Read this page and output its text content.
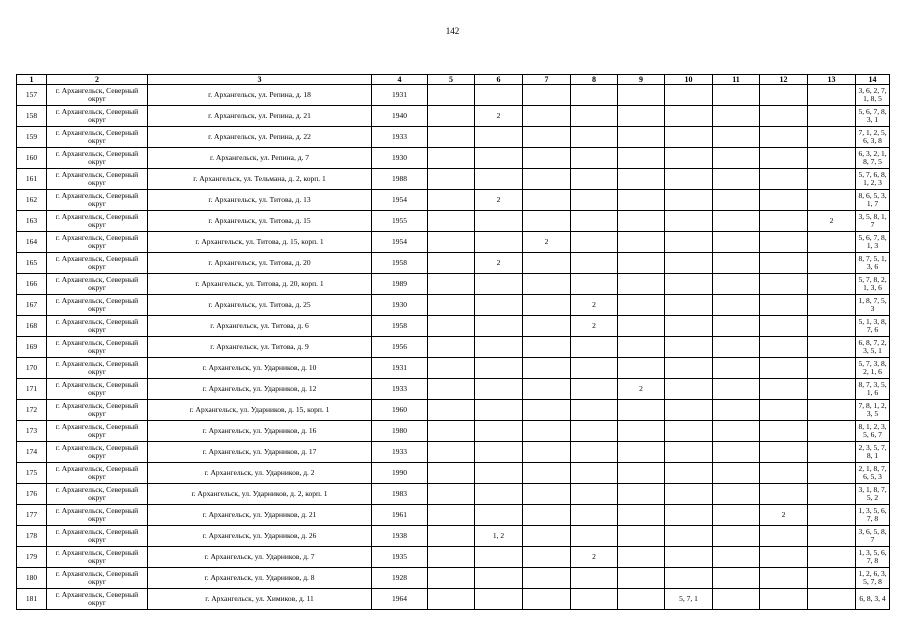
142
1	2	3	4	5	6	7	8	9	10	11	12	13	14
157	г. Архангельск, Северный округ	г. Архангельск, ул. Репина, д. 18	1931										3, 6, 2, 7, 1, 8, 5
158	г. Архангельск, Северный округ	г. Архангельск, ул. Репина, д. 21	1940		2								5, 6, 7, 8, 3, 1
159	г. Архангельск, Северный округ	г. Архангельск, ул. Репина, д. 22	1933										7, 1, 2, 5, 6, 3, 8
160	г. Архангельск, Северный округ	г. Архангельск, ул. Репина, д. 7	1930										6, 3, 2, 1, 8, 7, 5
161	г. Архангельск, Северный округ	г. Архангельск, ул. Тельмана, д. 2, корп. 1	1988										5, 7, 6, 8, 1, 2, 3
162	г. Архангельск, Северный округ	г. Архангельск, ул. Титова, д. 13	1954		2								8, 6, 5, 3, 1, 7
163	г. Архангельск, Северный округ	г. Архангельск, ул. Титова, д. 15	1955									2	3, 5, 8, 1, 7
164	г. Архангельск, Северный округ	г. Архангельск, ул. Титова, д. 15, корп. 1	1954			2							5, 6, 7, 8, 1, 3
165	г. Архангельск, Северный округ	г. Архангельск, ул. Титова, д. 20	1958		2								8, 7, 5, 1, 3, 6
166	г. Архангельск, Северный округ	г. Архангельск, ул. Титова, д. 20, корп. 1	1989										5, 7, 8, 2, 1, 3, 6
167	г. Архангельск, Северный округ	г. Архангельск, ул. Титова, д. 25	1930				2						1, 8, 7, 5, 3
168	г. Архангельск, Северный округ	г. Архангельск, ул. Титова, д. 6	1958				2						5, 1, 3, 8, 7, 6
169	г. Архангельск, Северный округ	г. Архангельск, ул. Титова, д. 9	1956										6, 8, 7, 2, 3, 5, 1
170	г. Архангельск, Северный округ	г. Архангельск, ул. Ударников, д. 10	1931										5, 7, 3, 8, 2, 1, 6
171	г. Архангельск, Северный округ	г. Архангельск, ул. Ударников, д. 12	1933					2					8, 7, 3, 5, 1, 6
172	г. Архангельск, Северный округ	г. Архангельск, ул. Ударников, д. 15, корп. 1	1960										7, 8, 1, 2, 3, 5
173	г. Архангельск, Северный округ	г. Архангельск, ул. Ударников, д. 16	1980										8, 1, 2, 3, 5, 6, 7
174	г. Архангельск, Северный округ	г. Архангельск, ул. Ударников, д. 17	1933										2, 3, 5, 7, 8, 1
175	г. Архангельск, Северный округ	г. Архангельск, ул. Ударников, д. 2	1990										2, 1, 8, 7, 6, 5, 3
176	г. Архангельск, Северный округ	г. Архангельск, ул. Ударников, д. 2, корп. 1	1983										3, 1, 8, 7, 5, 2
177	г. Архангельск, Северный округ	г. Архангельск, ул. Ударников, д. 21	1961								2		1, 3, 5, 6, 7, 8
178	г. Архангельск, Северный округ	г. Архангельск, ул. Ударников, д. 26	1938		1, 2								3, 6, 5, 8, 7
179	г. Архангельск, Северный округ	г. Архангельск, ул. Ударников, д. 7	1935				2						1, 3, 5, 6, 7, 8
180	г. Архангельск, Северный округ	г. Архангельск, ул. Ударников, д. 8	1928										1, 2, 6, 3, 5, 7, 8
181	г. Архангельск, Северный округ	г. Архангельск, ул. Химиков, д. 11	1964						5, 7, 1				6, 8, 3, 4
